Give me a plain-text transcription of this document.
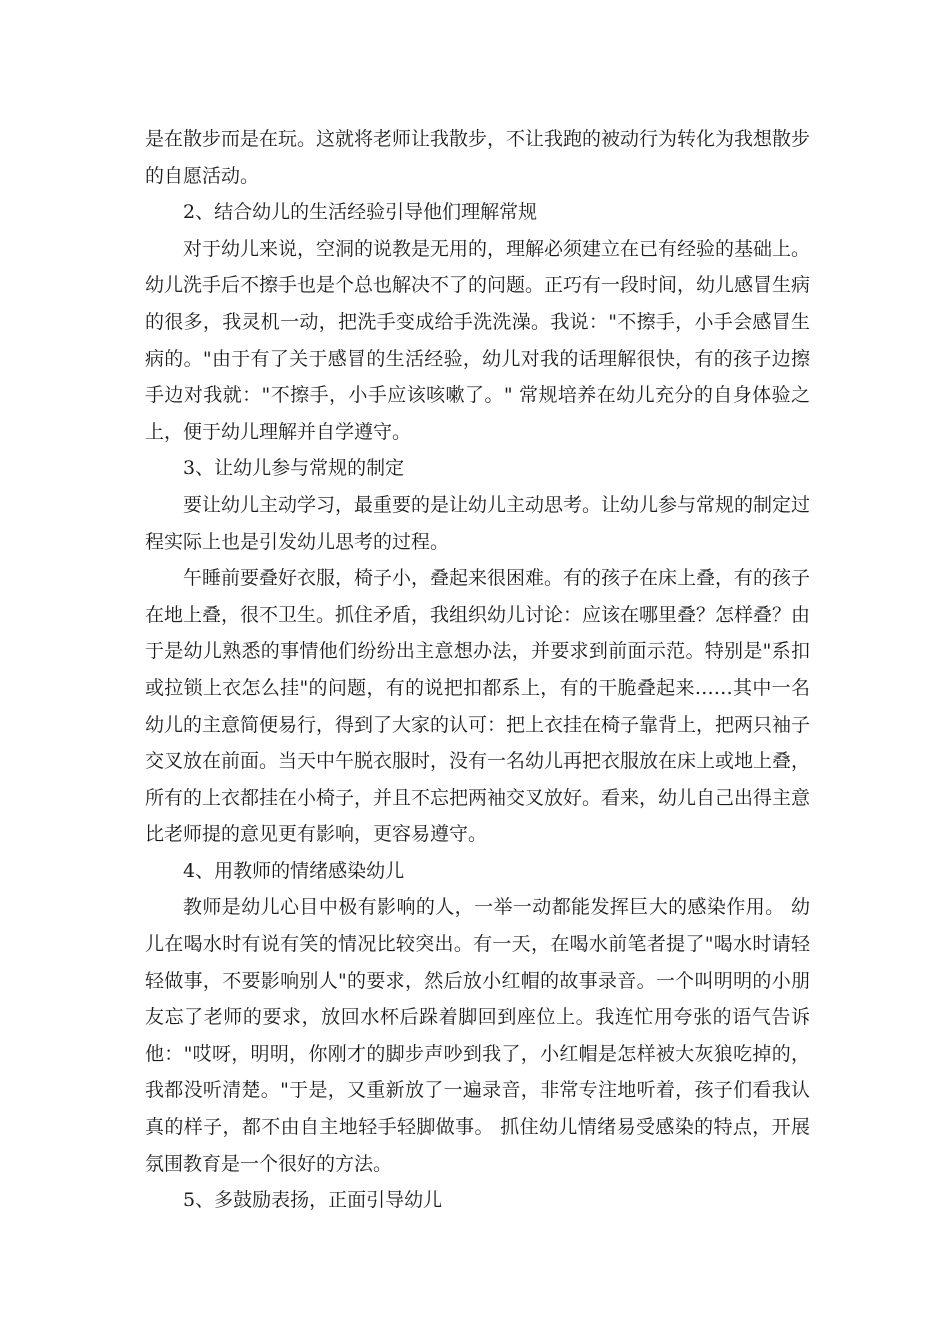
是在散步而是在玩。这就将老师让我散步，不让我跑的被动行为转化为我想散步的自愿活动。

2、结合幼儿的生活经验引导他们理解常规

对于幼儿来说，空洞的说教是无用的，理解必须建立在已有经验的基础上。幼儿洗手后不擦手也是个总也解决不了的问题。正巧有一段时间，幼儿感冒生病的很多，我灵机一动，把洗手变成给手洗洗澡。我说："不擦手，小手会感冒生病的。"由于有了关于感冒的生活经验，幼儿对我的话理解很快，有的孩子边擦手边对我就："不擦手，小手应该咳嗽了。" 常规培养在幼儿充分的自身体验之上，便于幼儿理解并自学遵守。

3、让幼儿参与常规的制定

要让幼儿主动学习，最重要的是让幼儿主动思考。让幼儿参与常规的制定过程实际上也是引发幼儿思考的过程。

午睡前要叠好衣服，椅子小，叠起来很困难。有的孩子在床上叠，有的孩子在地上叠，很不卫生。抓住矛盾，我组织幼儿讨论：应该在哪里叠？怎样叠？由于是幼儿熟悉的事情他们纷纷出主意想办法，并要求到前面示范。特别是"系扣或拉锁上衣怎么挂"的问题，有的说把扣都系上，有的干脆叠起来……其中一名幼儿的主意简便易行，得到了大家的认可：把上衣挂在椅子靠背上，把两只袖子交叉放在前面。当天中午脱衣服时，没有一名幼儿再把衣服放在床上或地上叠，所有的上衣都挂在小椅子，并且不忘把两袖交叉放好。看来，幼儿自己出得主意比老师提的意见更有影响，更容易遵守。

4、用教师的情绪感染幼儿

教师是幼儿心目中极有影响的人，一举一动都能发挥巨大的感染作用。 幼儿在喝水时有说有笑的情况比较突出。有一天，在喝水前笔者提了"喝水时请轻轻做事，不要影响别人"的要求，然后放小红帽的故事录音。一个叫明明的小朋友忘了老师的要求，放回水杯后跺着脚回到座位上。我连忙用夸张的语气告诉他："哎呀，明明，你刚才的脚步声吵到我了，小红帽是怎样被大灰狼吃掉的，我都没听清楚。"于是，又重新放了一遍录音，非常专注地听着，孩子们看我认真的样子，都不由自主地轻手轻脚做事。 抓住幼儿情绪易受感染的特点，开展氛围教育是一个很好的方法。

5、多鼓励表扬，正面引导幼儿
